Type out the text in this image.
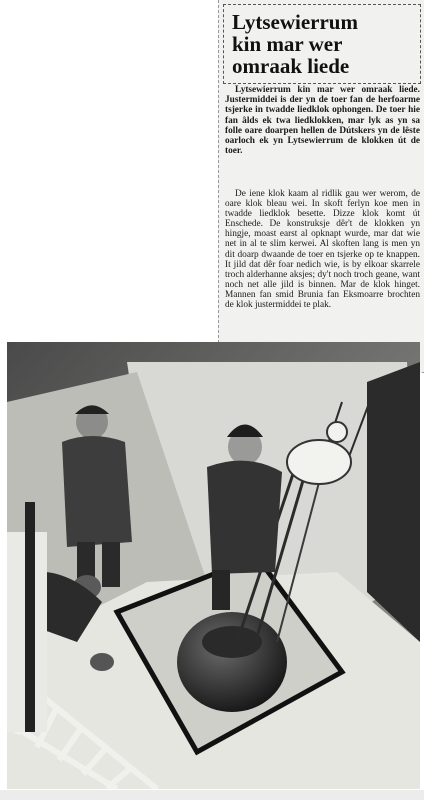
Lytsewierrum
kin mar wer
omraak liede

Lytsewierrum kin mar wer omraak liede. Justermiddei is der yn de toer fan de herfoarme tsjerke in twadde liedklok ophongen. De toer hie fan âlds ek twa liedklokken, mar lyk as yn sa folle oare doarpen hellen de Dútskers yn de lêste oarloch ek yn Lytsewierrum de klokken út de toer.

De iene klok kaam al ridlik gau wer werom, de oare klok bleau wei. In skoft ferlyn koe men in twadde liedklok besette. Dizze klok komt út Enschede. De konstruksje dêr't de klokken yn hingje, moast earst al opknapt wurde, mar dat wie net in al te slim kerwei. Al skoften lang is men yn dit doarp dwaande de toer en tsjerke op te knappen. It jild dat dêr foar nedich wie, is by elkoar skarrele troch alderhanne aksjes; dy't noch troch geane, want noch net alle jild is binnen. Mar de klok hinget. Mannen fan smid Brunia fan Eksmoarre brochten de klok justermiddei te plak.
